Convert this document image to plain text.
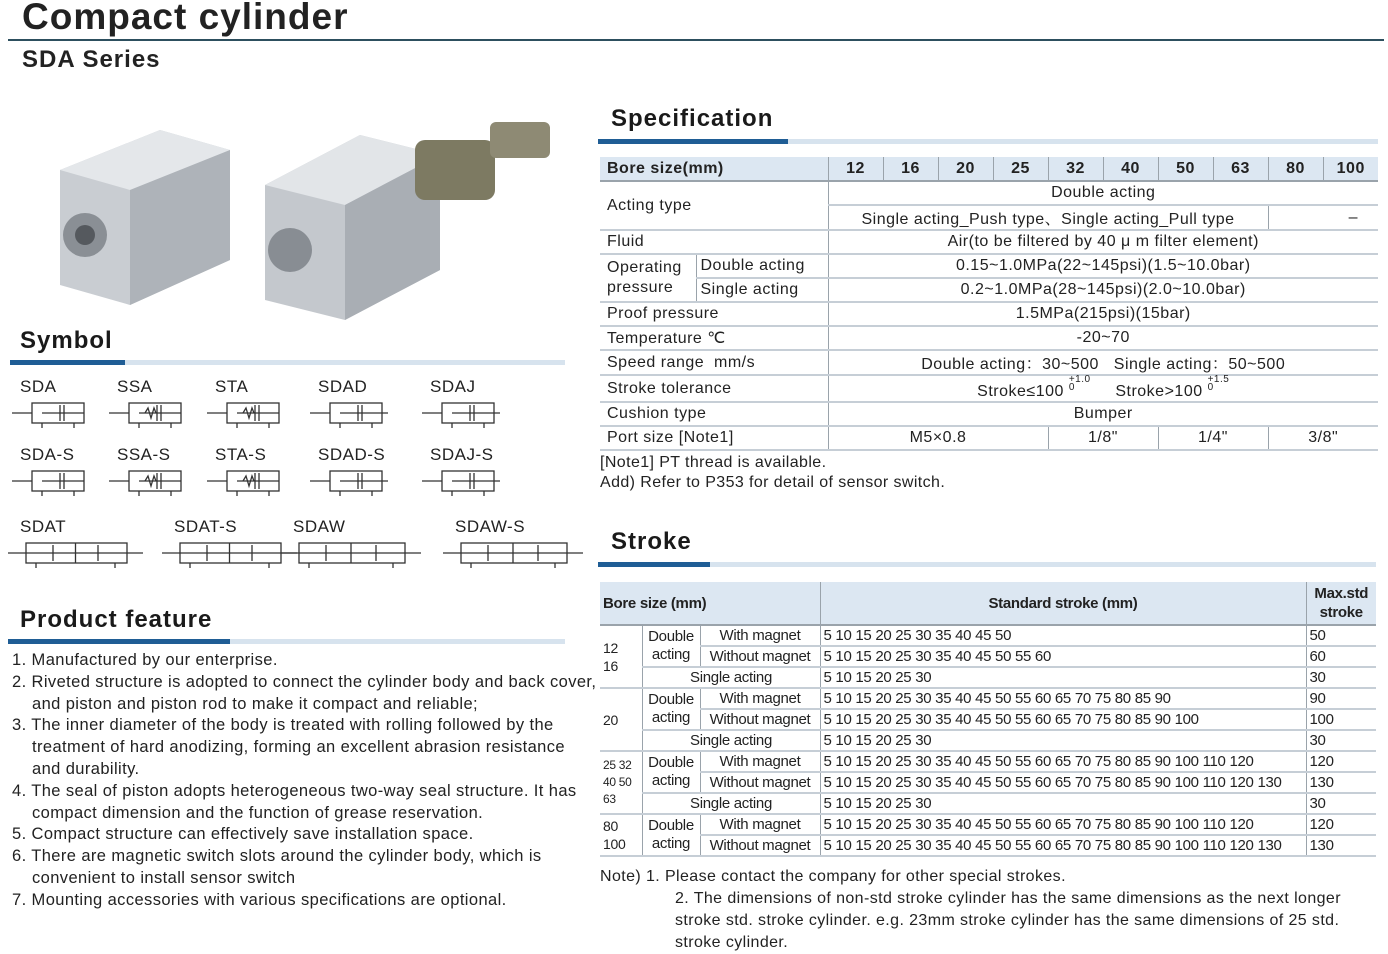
Compact cylinder
SDA Series
Specification
Bore size(mm)		12	16	20	25	32	40	50	63	80	100
Acting type		Double acting									
		Single acting_Push type、Single acting_Pull type								–	
Fluid		Air(to be filtered by 40 μ m filter element)									
Operating pressure	Double acting	0.15~1.0MPa(22~145psi)(1.5~10.0bar)									
	Single acting	0.2~1.0MPa(28~145psi)(2.0~10.0bar)									
Proof pressure		1.5MPa(215psi)(15bar)									
Temperature ℃		-20~70									
Speed range  mm/s		Double acting：30~500   Single acting：50~500									
Stroke tolerance		Stroke≤100 $^{+1.0 0}$ Stroke>100 $^{+1.5 0}$
Cushion type		Bumper									
Port size [Note1]		M5×0.8				1/8"		1/4"		3/8"	
[Note1] PT thread is available.
Add) Refer to P353 for detail of sensor switch.
Stroke
Bore size (mm)			Standard stroke (mm)	Max.std stroke
12 16	Double acting	With magnet	5 10 15 20 25 30 35 40 45 50	50
		Without magnet	5 10 15 20 25 30 35 40 45 50 55 60	60
	Single acting		5 10 15 20 25 30	30
20	Double acting	With magnet	5 10 15 20 25 30 35 40 45 50 55 60 65 70 75 80 85 90	90
		Without magnet	5 10 15 20 25 30 35 40 45 50 55 60 65 70 75 80 85 90 100	100
	Single acting		5 10 15 20 25 30	30
25 32 40 50 63	Double acting	With magnet	5 10 15 20 25 30 35 40 45 50 55 60 65 70 75 80 85 90 100 110 120	120
		Without magnet	5 10 15 20 25 30 35 40 45 50 55 60 65 70 75 80 85 90 100 110 120 130	130
	Single acting		5 10 15 20 25 30	30
80 100	Double acting	With magnet	5 10 15 20 25 30 35 40 45 50 55 60 65 70 75 80 85 90 100 110 120	120
		Without magnet	5 10 15 20 25 30 35 40 45 50 55 60 65 70 75 80 85 90 100 110 120 130	130
Note) 1. Please contact the company for other special strokes.
2. The dimensions of non-std stroke cylinder has the same dimensions as the next longer stroke std. stroke cylinder. e.g. 23mm stroke cylinder has the same dimensions of 25 std. stroke cylinder.
Symbol
SDA	SSA	STA	SDAD	SDAJ
SDA-S	SSA-S	STA-S	SDAD-S	SDAJ-S
SDAT	SDAT-S	SDAW	SDAW-S
Product feature
1. Manufactured by our enterprise.
2. Riveted structure is adopted to connect the cylinder body and back cover, and piston and piston rod to make it compact and reliable;
3. The inner diameter of the body is treated with rolling followed by the treatment of hard anodizing, forming an excellent abrasion resistance and durability.
4. The seal of piston adopts heterogeneous two-way seal structure. It has compact dimension and the function of grease reservation.
5. Compact structure can effectively save installation space.
6. There are magnetic switch slots around the cylinder body, which is convenient to install sensor switch
7. Mounting accessories with various specifications are optional.
